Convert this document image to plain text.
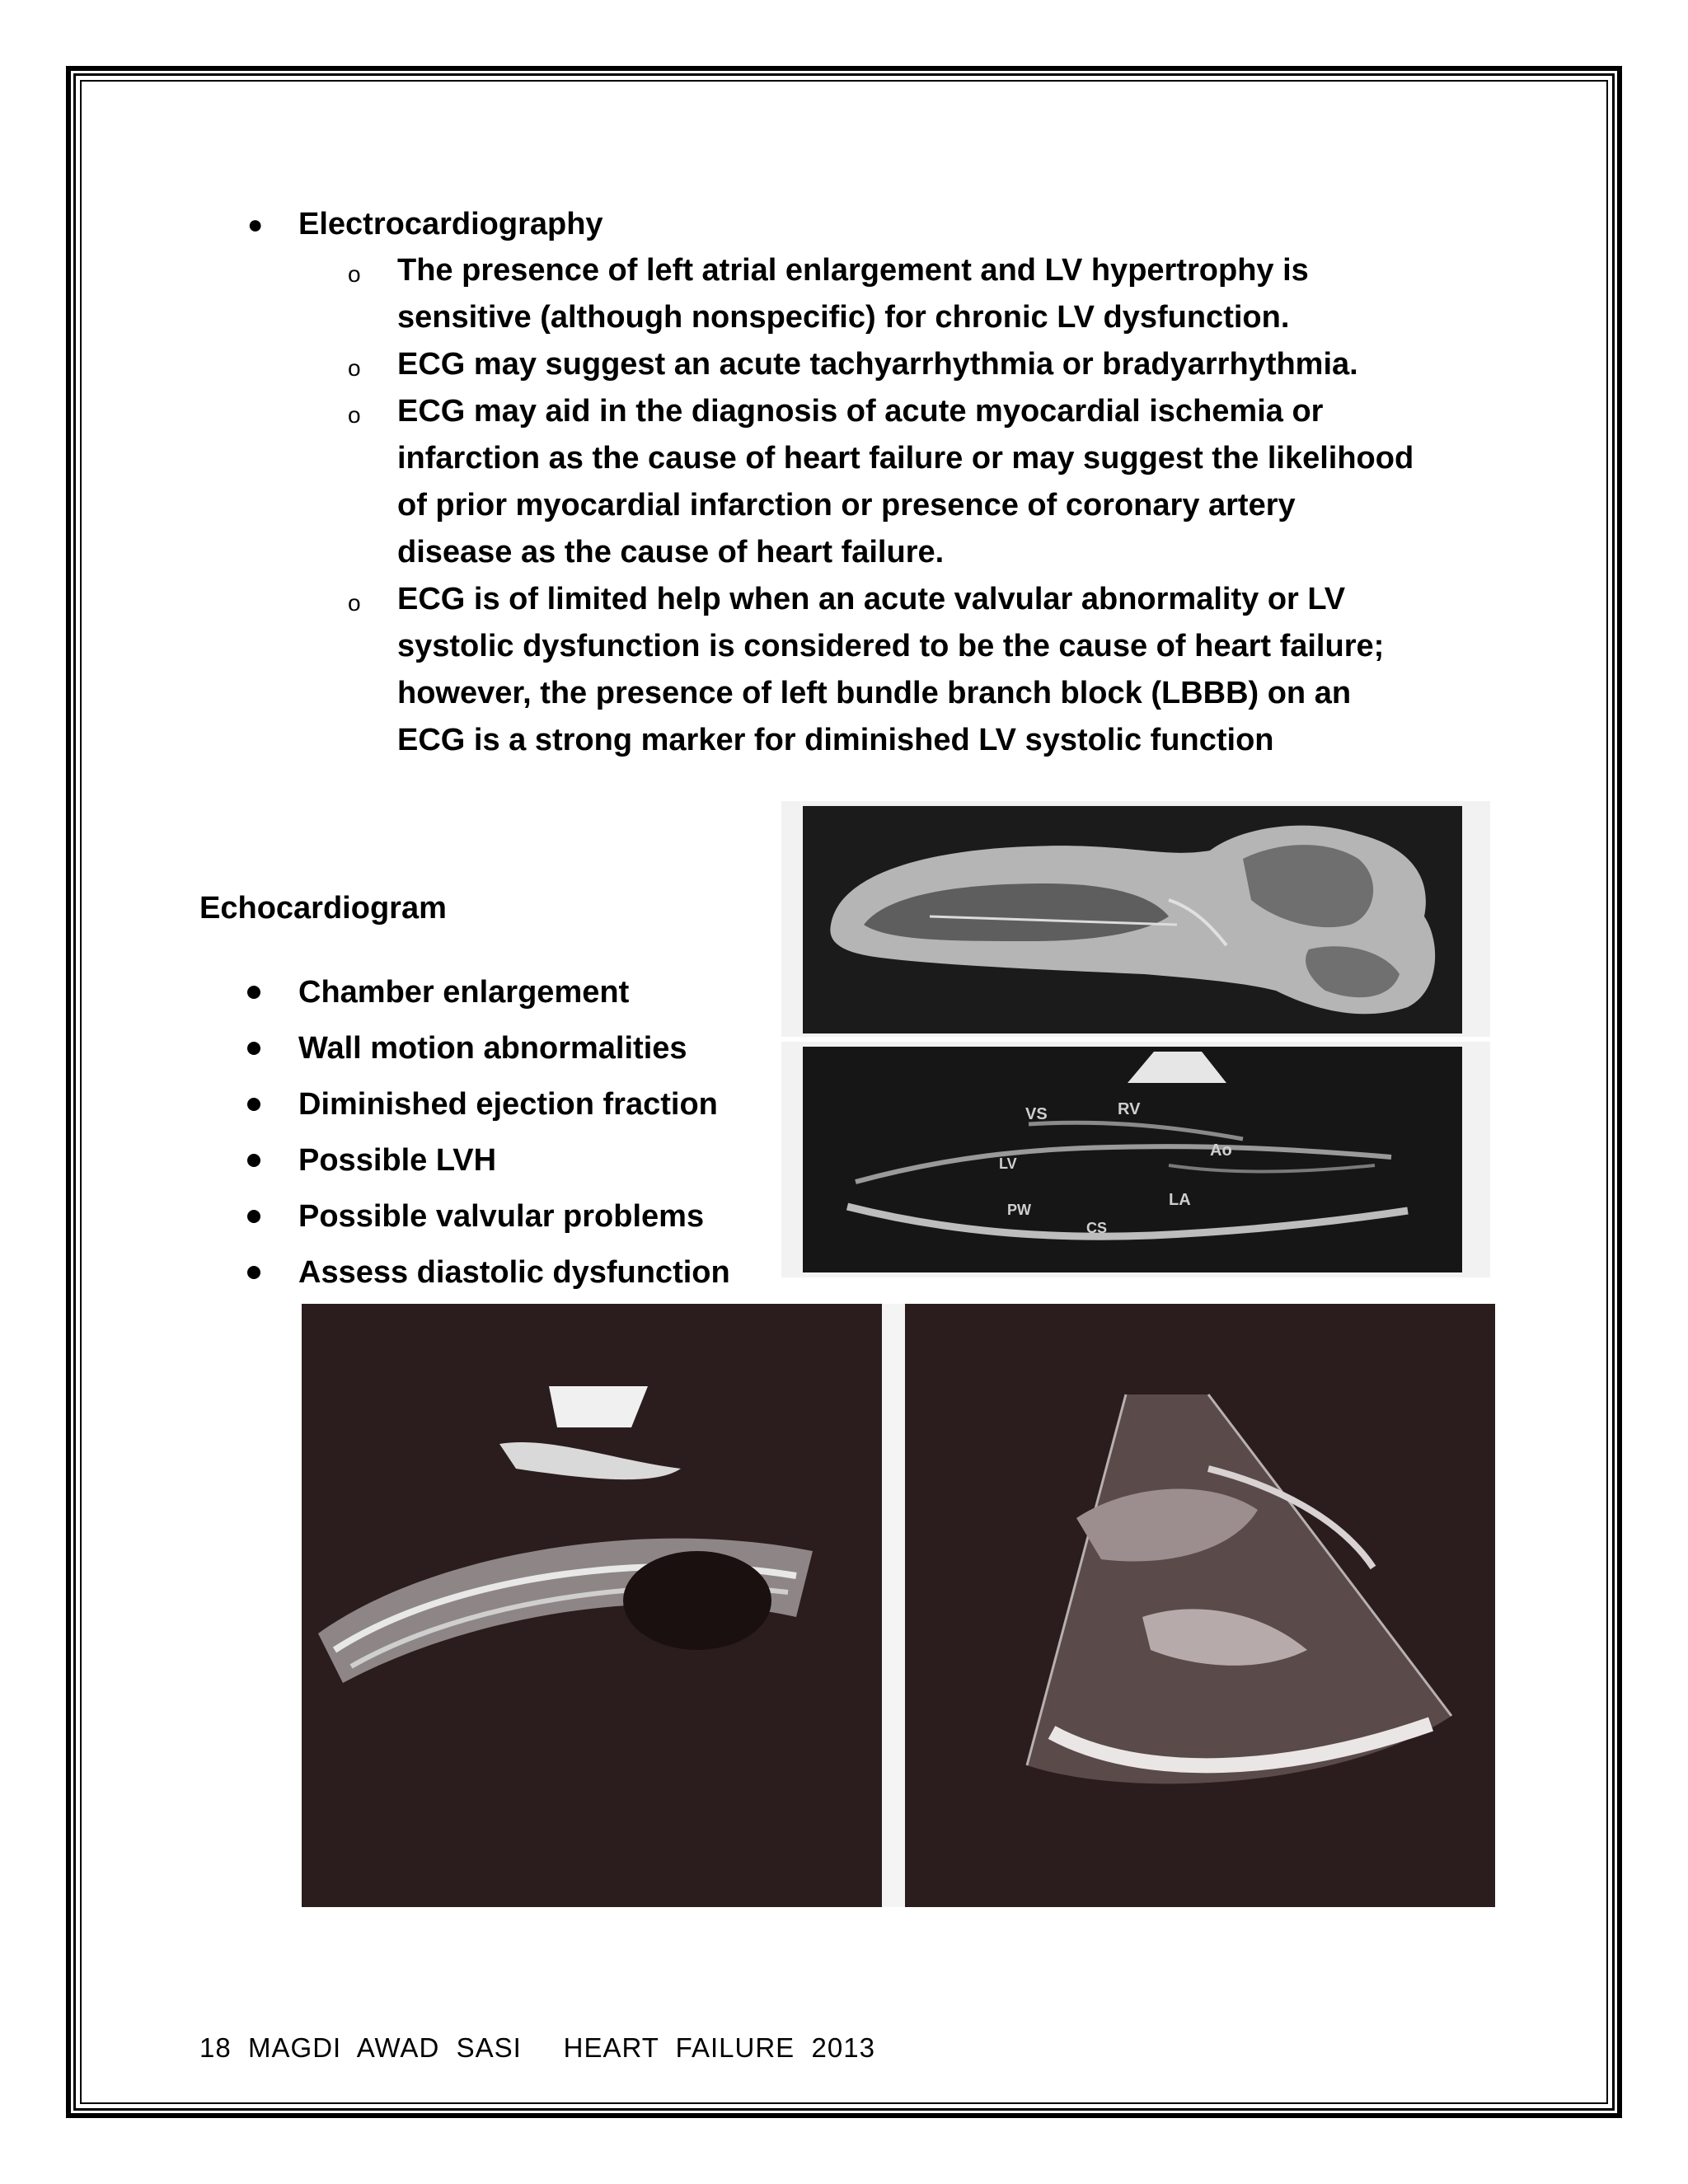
● Electrocardiography
o The presence of left atrial enlargement and LV hypertrophy is
sensitive (although nonspecific) for chronic LV dysfunction.
o ECG may suggest an acute tachyarrhythmia or bradyarrhythmia.
o ECG may aid in the diagnosis of acute myocardial ischemia or
infarction as the cause of heart failure or may suggest the likelihood
of prior myocardial infarction or presence of coronary artery
disease as the cause of heart failure.
o ECG is of limited help when an acute valvular abnormality or LV
systolic dysfunction is considered to be the cause of heart failure;
however, the presence of left bundle branch block (LBBB) on an
ECG is a strong marker for diminished LV systolic function
Echocardiogram
Chamber enlargement
Wall motion abnormalities
Diminished ejection fraction
Possible LVH
Possible valvular problems
Assess diastolic dysfunction
VS	RV
Ao
LV
LA
PW
CS
18  MAGDI  AWAD  SASI     HEART  FAILURE  2013
